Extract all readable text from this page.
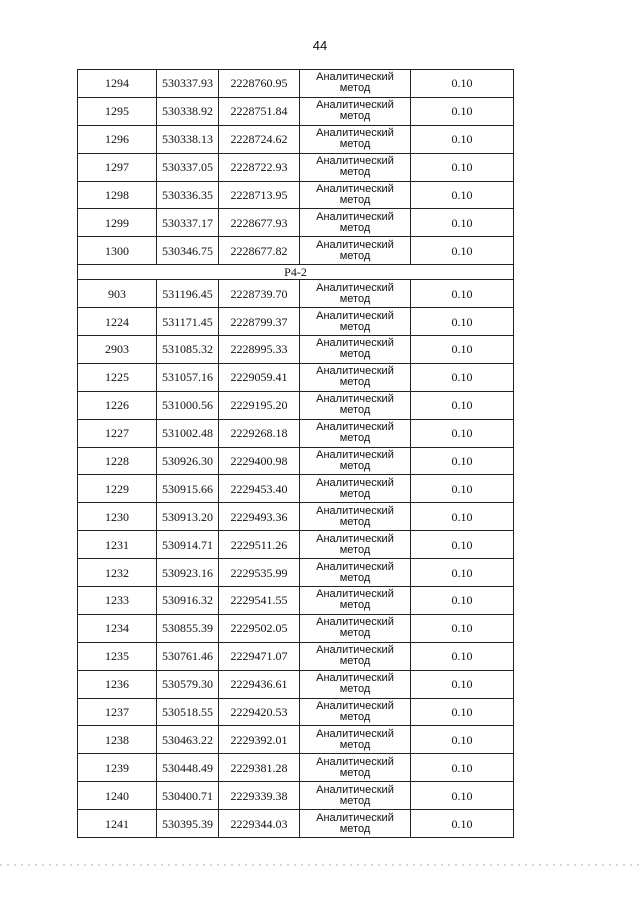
44
1294	530337.93	2228760.95	Аналитический метод	0.10
1295	530338.92	2228751.84	Аналитический метод	0.10
1296	530338.13	2228724.62	Аналитический метод	0.10
1297	530337.05	2228722.93	Аналитический метод	0.10
1298	530336.35	2228713.95	Аналитический метод	0.10
1299	530337.17	2228677.93	Аналитический метод	0.10
1300	530346.75	2228677.82	Аналитический метод	0.10
Р4-2				
903	531196.45	2228739.70	Аналитический метод	0.10
1224	531171.45	2228799.37	Аналитический метод	0.10
2903	531085.32	2228995.33	Аналитический метод	0.10
1225	531057.16	2229059.41	Аналитический метод	0.10
1226	531000.56	2229195.20	Аналитический метод	0.10
1227	531002.48	2229268.18	Аналитический метод	0.10
1228	530926.30	2229400.98	Аналитический метод	0.10
1229	530915.66	2229453.40	Аналитический метод	0.10
1230	530913.20	2229493.36	Аналитический метод	0.10
1231	530914.71	2229511.26	Аналитический метод	0.10
1232	530923.16	2229535.99	Аналитический метод	0.10
1233	530916.32	2229541.55	Аналитический метод	0.10
1234	530855.39	2229502.05	Аналитический метод	0.10
1235	530761.46	2229471.07	Аналитический метод	0.10
1236	530579.30	2229436.61	Аналитический метод	0.10
1237	530518.55	2229420.53	Аналитический метод	0.10
1238	530463.22	2229392.01	Аналитический метод	0.10
1239	530448.49	2229381.28	Аналитический метод	0.10
1240	530400.71	2229339.38	Аналитический метод	0.10
1241	530395.39	2229344.03	Аналитический метод	0.10
